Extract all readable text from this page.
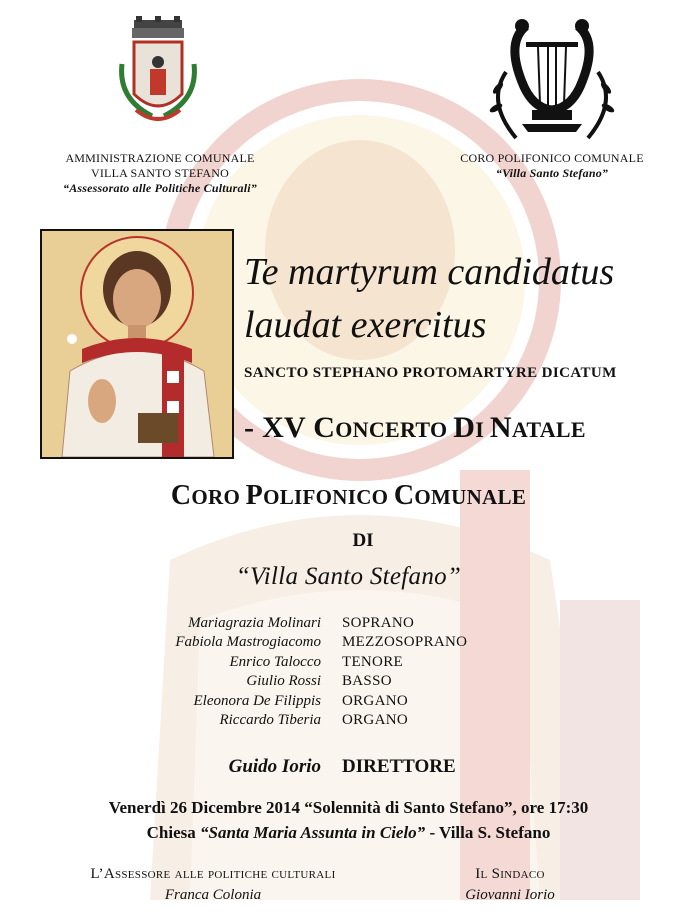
AMMINISTRAZIONE COMUNALE
VILLA SANTO STEFANO
“Assessorato alle Politiche Culturali”
CORO POLIFONICO COMUNALE
“Villa Santo Stefano”
Te martyrum candidatus
laudat exercitus
SANCTO STEPHANO PROTOMARTYRE DICATUM
- XV CONCERTO DI NATALE
CORO POLIFONICO COMUNALE
DI
“Villa Santo Stefano”
Mariagrazia Molinari	SOPRANO
Fabiola Mastrogiacomo	MEZZOSOPRANO
Enrico Talocco	TENORE
Giulio Rossi	BASSO
Eleonora De Filippis	ORGANO
Riccardo Tiberia	ORGANO
Guido Iorio	DIRETTORE
Venerdì 26 Dicembre 2014 “Solennità di Santo Stefano”, ore 17:30
Chiesa “Santa Maria Assunta in Cielo” - Villa S. Stefano
L’Assessore alle politiche culturali
Franca Colonia
Il Sindaco
Giovanni Iorio
